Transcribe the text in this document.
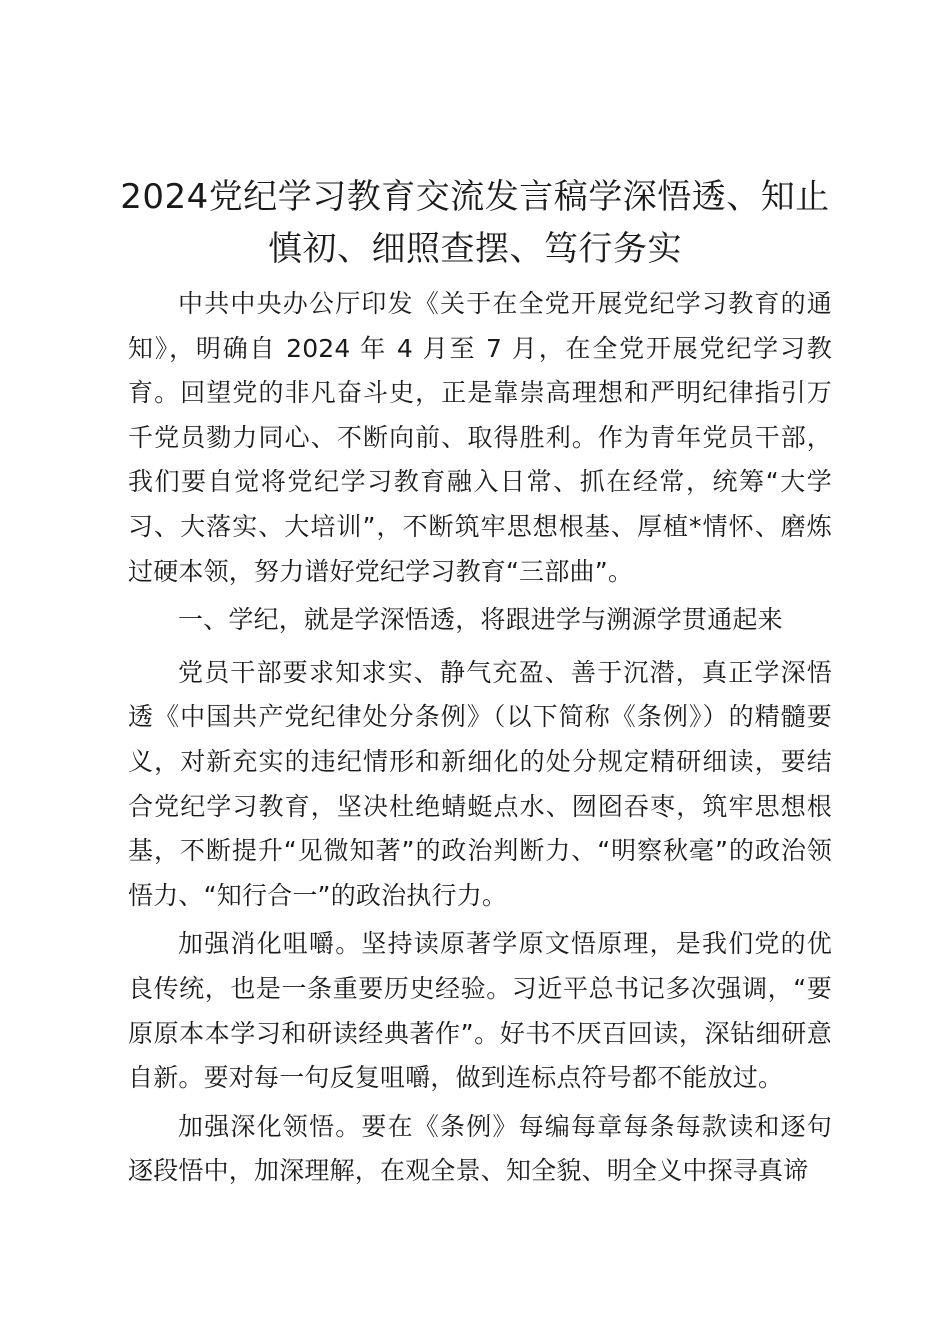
2024党纪学习教育交流发言稿学深悟透、知止慎初、细照查摆、笃行务实

中共中央办公厅印发《关于在全党开展党纪学习教育的通知》，明确自 2024 年 4 月至 7 月，在全党开展党纪学习教育。回望党的非凡奋斗史，正是靠崇高理想和严明纪律指引万千党员勠力同心、不断向前、取得胜利。作为青年党员干部，我们要自觉将党纪学习教育融入日常、抓在经常，统筹“大学习、大落实、大培训”，不断筑牢思想根基、厚植*情怀、磨炼过硬本领，努力谱好党纪学习教育“三部曲”。

一、学纪，就是学深悟透，将跟进学与溯源学贯通起来

党员干部要求知求实、静气充盈、善于沉潜，真正学深悟透《中国共产党纪律处分条例》（以下简称《条例》）的精髓要义，对新充实的违纪情形和新细化的处分规定精研细读，要结合党纪学习教育，坚决杜绝蜻蜓点水、囫囵吞枣，筑牢思想根基，不断提升“见微知著”的政治判断力、“明察秋毫”的政治领悟力、“知行合一”的政治执行力。

加强消化咀嚼。坚持读原著学原文悟原理，是我们党的优良传统，也是一条重要历史经验。习近平总书记多次强调，“要原原本本学习和研读经典著作”。好书不厌百回读，深钻细研意自新。要对每一句反复咀嚼，做到连标点符号都不能放过。

加强深化领悟。要在《条例》每编每章每条每款读和逐句逐段悟中，加深理解，在观全景、知全貌、明全义中探寻真谛
